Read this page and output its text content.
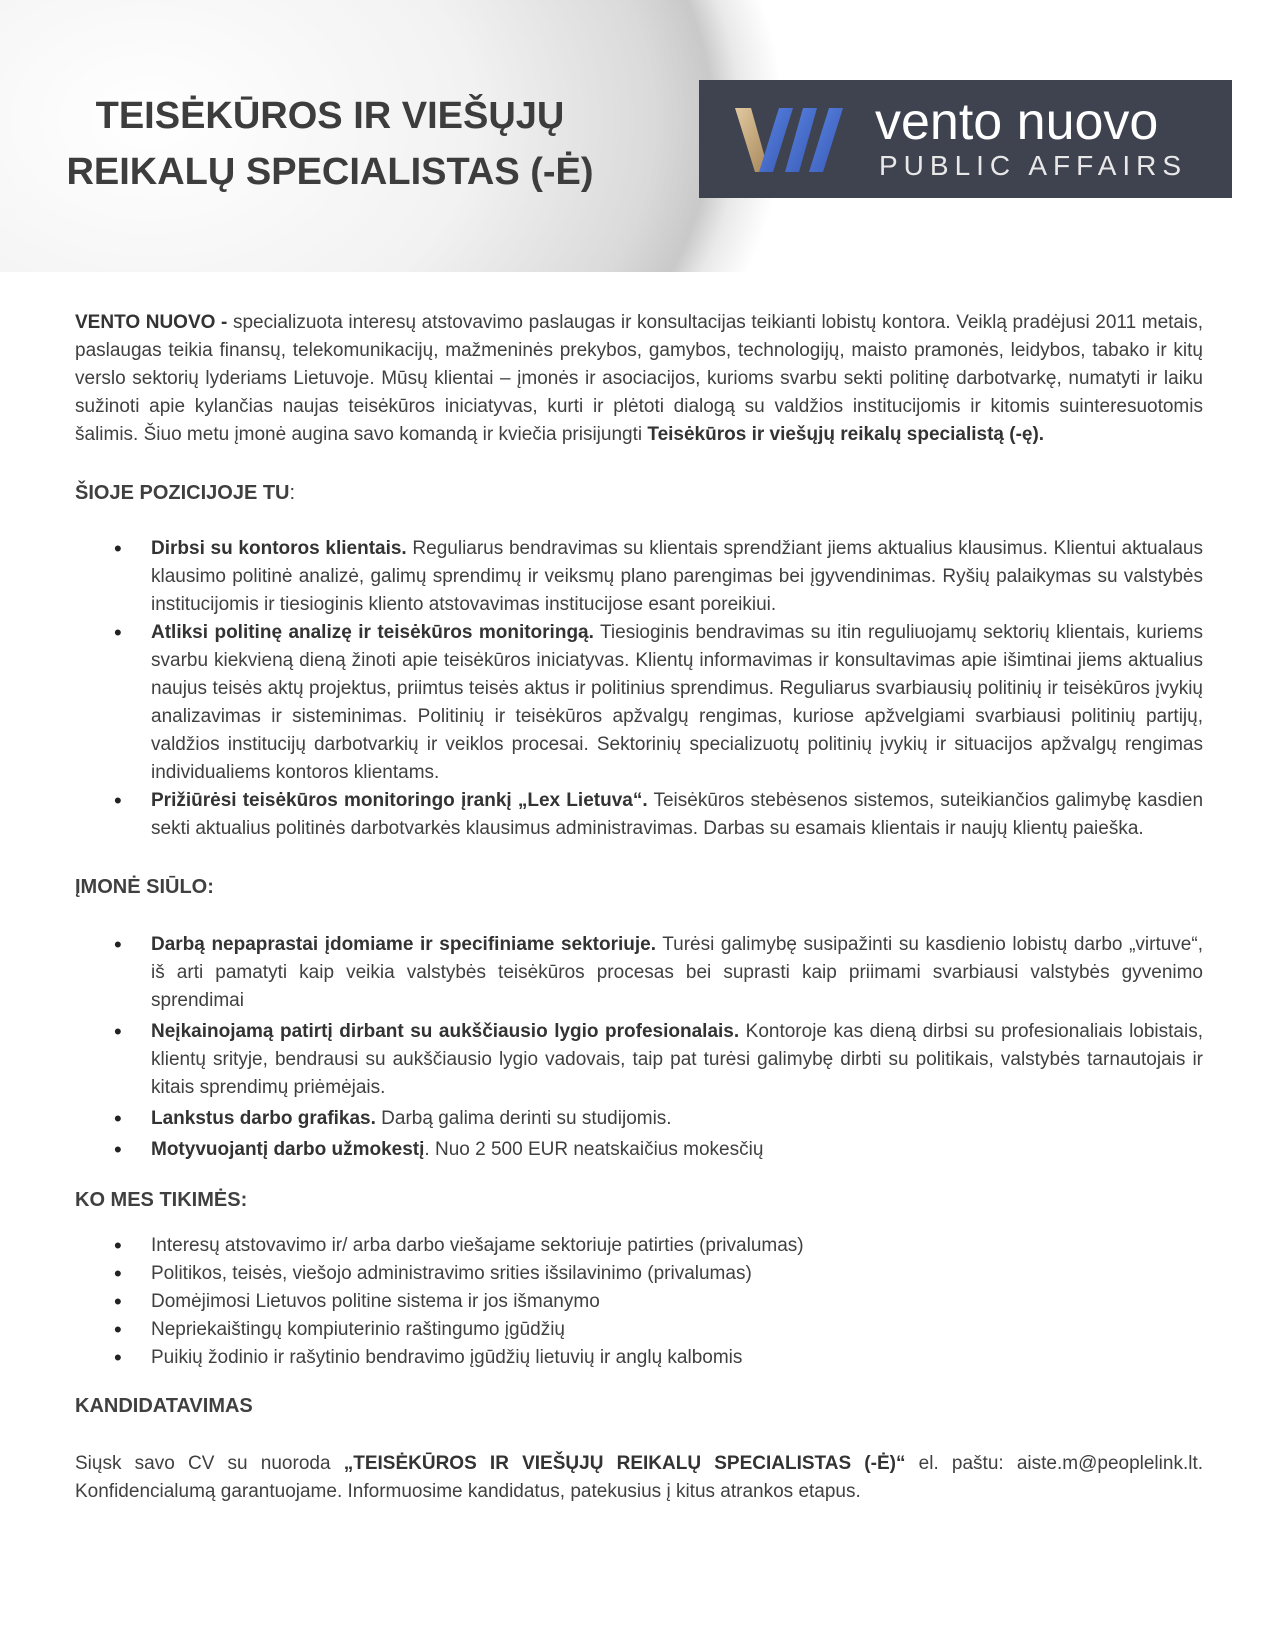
TEISĖKŪROS IR VIEŠŲJŲ
REIKALŲ SPECIALISTAS (-Ė)
vento nuovo
PUBLIC AFFAIRS

VENTO NUOVO - specializuota interesų atstovavimo paslaugas ir konsultacijas teikianti lobistų kontora. Veiklą pradėjusi 2011 metais, paslaugas teikia finansų, telekomunikacijų, mažmeninės prekybos, gamybos, technologijų, maisto pramonės, leidybos, tabako ir kitų verslo sektorių lyderiams Lietuvoje. Mūsų klientai – įmonės ir asociacijos, kurioms svarbu sekti politinę darbotvarkę, numatyti ir laiku sužinoti apie kylančias naujas teisėkūros iniciatyvas, kurti ir plėtoti dialogą su valdžios institucijomis ir kitomis suinteresuotomis šalimis. Šiuo metu įmonė augina savo komandą ir kviečia prisijungti Teisėkūros ir viešųjų reikalų specialistą (-ę).

ŠIOJE POZICIJOJE TU:
• Dirbsi su kontoros klientais. Reguliarus bendravimas su klientais sprendžiant jiems aktualius klausimus. Klientui aktualaus klausimo politinė analizė, galimų sprendimų ir veiksmų plano parengimas bei įgyvendinimas. Ryšių palaikymas su valstybės institucijomis ir tiesioginis kliento atstovavimas institucijose esant poreikiui.
• Atliksi politinę analizę ir teisėkūros monitoringą. Tiesioginis bendravimas su itin reguliuojamų sektorių klientais, kuriems svarbu kiekvieną dieną žinoti apie teisėkūros iniciatyvas. Klientų informavimas ir konsultavimas apie išimtinai jiems aktualius naujus teisės aktų projektus, priimtus teisės aktus ir politinius sprendimus. Reguliarus svarbiausių politinių ir teisėkūros įvykių analizavimas ir sisteminimas. Politinių ir teisėkūros apžvalgų rengimas, kuriose apžvelgiami svarbiausi politinių partijų, valdžios institucijų darbotvarkių ir veiklos procesai. Sektorinių specializuotų politinių įvykių ir situacijos apžvalgų rengimas individualiems kontoros klientams.
• Prižiūrėsi teisėkūros monitoringo įrankį „Lex Lietuva“. Teisėkūros stebėsenos sistemos, suteikiančios galimybę kasdien sekti aktualius politinės darbotvarkės klausimus administravimas. Darbas su esamais klientais ir naujų klientų paieška.
ĮMONĖ SIŪLO:
• Darbą nepaprastai įdomiame ir specifiniame sektoriuje. Turėsi galimybę susipažinti su kasdienio lobistų darbo „virtuve“, iš arti pamatyti kaip veikia valstybės teisėkūros procesas bei suprasti kaip priimami svarbiausi valstybės gyvenimo sprendimai
• Neįkainojamą patirtį dirbant su aukščiausio lygio profesionalais. Kontoroje kas dieną dirbsi su profesionaliais lobistais, klientų srityje, bendrausi su aukščiausio lygio vadovais, taip pat turėsi galimybę dirbti su politikais, valstybės tarnautojais ir kitais sprendimų priėmėjais.
• Lankstus darbo grafikas. Darbą galima derinti su studijomis.
• Motyvuojantį darbo užmokestį. Nuo 2 500 EUR neatskaičius mokesčių
KO MES TIKIMĖS:
• Interesų atstovavimo ir/ arba darbo viešajame sektoriuje patirties (privalumas)
• Politikos, teisės, viešojo administravimo srities išsilavinimo (privalumas)
• Domėjimosi Lietuvos politine sistema ir jos išmanymo
• Nepriekaištingų kompiuterinio raštingumo įgūdžių
• Puikių žodinio ir rašytinio bendravimo įgūdžių lietuvių ir anglų kalbomis
KANDIDATAVIMAS

Siųsk savo CV su nuoroda „TEISĖKŪROS IR VIEŠŲJŲ REIKALŲ SPECIALISTAS (-Ė)“ el. paštu: aiste.m@peoplelink.lt. Konfidencialumą garantuojame. Informuosime kandidatus, patekusius į kitus atrankos etapus.
